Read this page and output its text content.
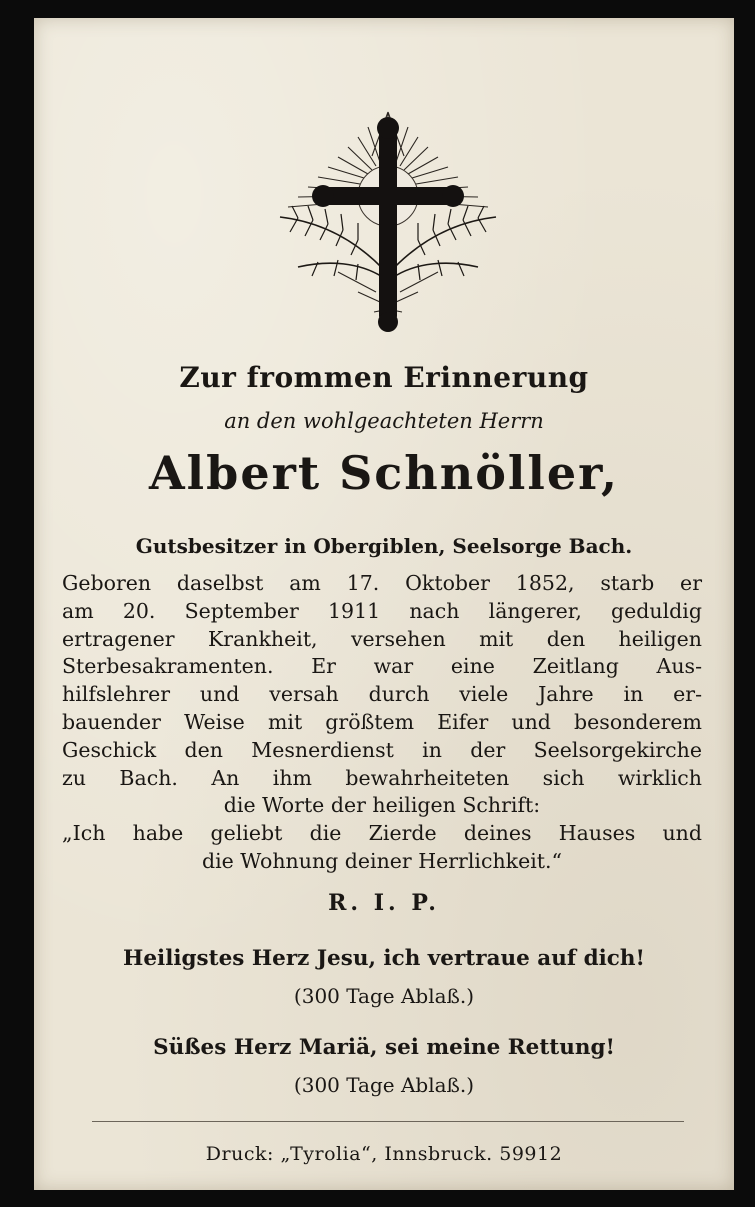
Zur frommen Erinnerung
an den wohlgeachteten Herrn
Albert Schnöller,
Gutsbesitzer in Obergiblen, Seelsorge Bach.
Geboren daselbst am 17. Oktober 1852, starb er
am 20. September 1911 nach längerer, geduldig
ertragener Krankheit, versehen mit den heiligen
Sterbesakramenten. Er war eine Zeitlang Aus-
hilfslehrer und versah durch viele Jahre in er-
bauender Weise mit größtem Eifer und besonderem
Geschick den Mesnerdienst in der Seelsorgekirche
zu Bach. An ihm bewahrheiteten sich wirklich
die Worte der heiligen Schrift:
„Ich habe geliebt die Zierde deines Hauses und
die Wohnung deiner Herrlichkeit.“
R. I. P.
Heiligstes Herz Jesu, ich vertraue auf dich!
(300 Tage Ablaß.)
Süßes Herz Mariä, sei meine Rettung!
(300 Tage Ablaß.)
Druck: „Tyrolia“, Innsbruck. 59912
